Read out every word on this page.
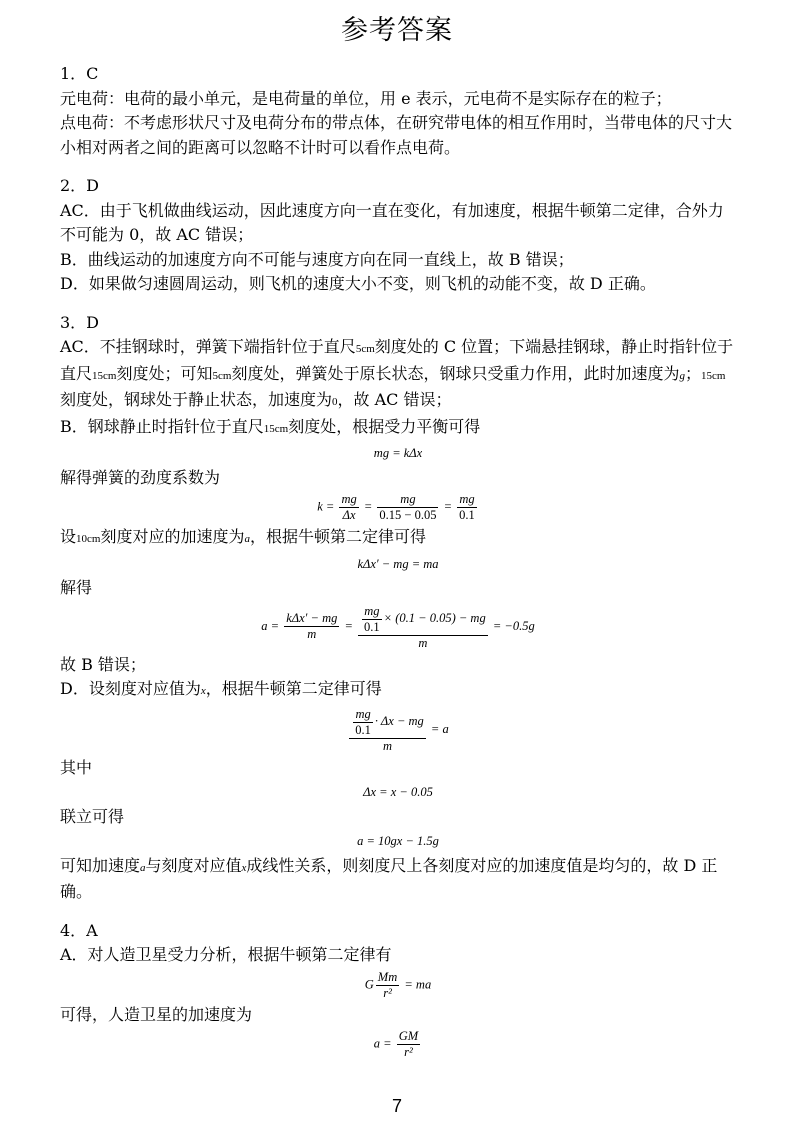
参考答案

1．C

元电荷：电荷的最小单元，是电荷量的单位，用 e 表示，元电荷不是实际存在的粒子；

点电荷：不考虑形状尺寸及电荷分布的带点体，在研究带电体的相互作用时，当带电体的尺寸大小相对两者之间的距离可以忽略不计时可以看作点电荷。

2．D

AC．由于飞机做曲线运动，因此速度方向一直在变化，有加速度，根据牛顿第二定律，合外力不可能为 0，故 AC 错误；

B．曲线运动的加速度方向不可能与速度方向在同一直线上，故 B 错误；

D．如果做匀速圆周运动，则飞机的速度大小不变，则飞机的动能不变，故 D 正确。

3．D

AC．不挂钢球时，弹簧下端指针位于直尺5cm刻度处的 C 位置；下端悬挂钢球，静止时指针位于直尺15cm刻度处；可知5cm刻度处，弹簧处于原长状态，钢球只受重力作用，此时加速度为g；15cm刻度处，钢球处于静止状态，加速度为0，故 AC 错误；

B．钢球静止时指针位于直尺15cm刻度处，根据受力平衡可得

mg = kΔx

解得弹簧的劲度系数为

$k = \frac{mg}{\Delta x} = \frac{mg}{0.15 - 0.05} = \frac{mg}{0.1}$

设10cm刻度对应的加速度为a，根据牛顿第二定律可得

kΔx′ − mg = ma

解得

$a = \frac{\text{kΔx′ − mg}}{m} = \frac{\frac{mg}{0.1} \times (0.1 - 0.05) - mg}{m} = -0.5g$

故 B 错误；

D．设刻度对应值为x，根据牛顿第二定律可得

$\frac{\frac{mg}{0.1} \cdot \Delta x - mg}{m} = a$

其中

Δx = x − 0.05

联立可得

a = 10gx − 1.5g

可知加速度a与刻度对应值x成线性关系，则刻度尺上各刻度对应的加速度值是均匀的，故 D 正确。

4．A

A．对人造卫星受力分析，根据牛顿第二定律有

G $\frac{Mm}{\text{r²}}$ = ma

可得，人造卫星的加速度为

$a = \frac{GM}{\text{r²}}$
7
